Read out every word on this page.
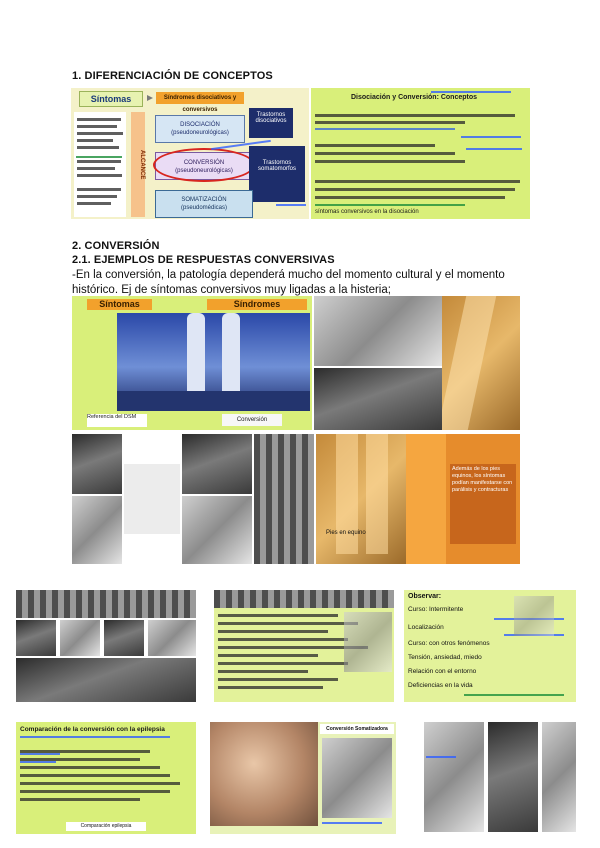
1. DIFERENCIACIÓN DE CONCEPTOS
Síntomas	Síndromes disociativos y conversivos
ALCANCE
DISOCIACIÓN
(pseudoneurológicas)
Trastornos disociativos
CONVERSIÓN
(pseudoneurológicas)
Trastornos somatomorfos
SOMATIZACIÓN
(pseudomédicas)
Disociación y Conversión: Conceptos
síntomas conversivos en la disociación
2. CONVERSIÓN
2.1. EJEMPLOS DE RESPUESTAS CONVERSIVAS
-En la conversión, la patología dependerá mucho del momento cultural y el momento histórico. Ej de síntomas conversivos muy ligadas a la histeria;
Síntomas	Síndromes
Referencia del DSM	Conversión
Pies en equino
Además de los pies equinos, los síntomas podían manifestarse con parálisis y contracturas
Observar:
Curso: Intermitente
Localización
Curso: con otros fenómenos
Tensión, ansiedad, miedo
Relación con el entorno
Deficiencias en la vida
Comparación de la conversión con la epilepsia
Comparación epilepsia
Conversión Somatizadora
